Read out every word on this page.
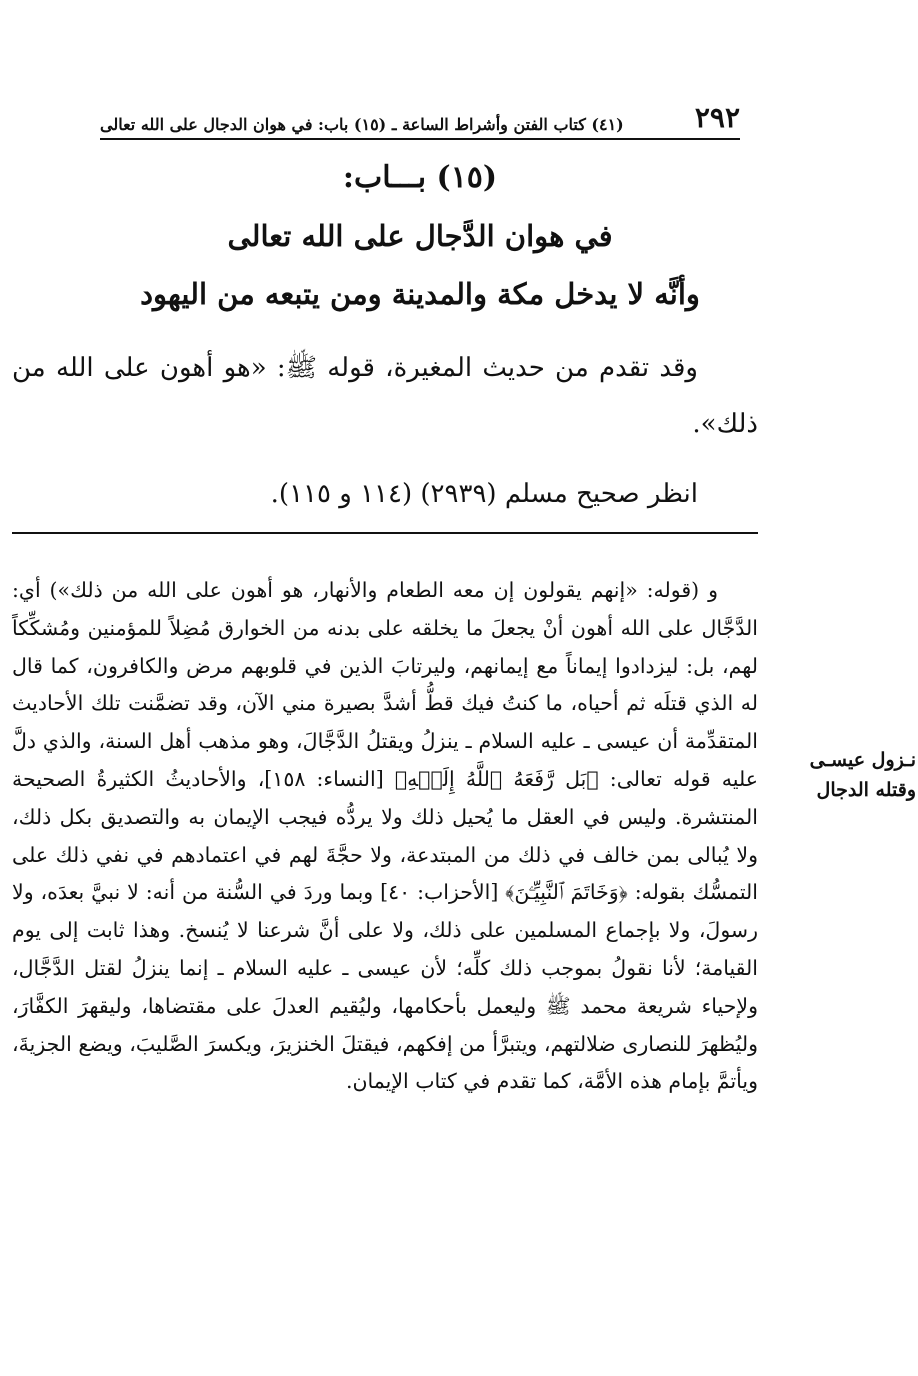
٢٩٢
(٤١) كتاب الفتن وأشراط الساعة ـ (١٥) باب: في هوان الدجال على الله تعالى
(١٥) بـــاب:
في هوان الدَّجال على الله تعالى
وأنَّه لا يدخل مكة والمدينة ومن يتبعه من اليهود

وقد تقدم من حديث المغيرة، قوله ﷺ: «هو أهون على الله من ذلك».

انظر صحيح مسلم (٢٩٣٩) (١١٤ و ١١٥).

و (قوله: «إنهم يقولون إن معه الطعام والأنهار، هو أهون على الله من ذلك») أي: الدَّجَّال على الله أهون أنْ يجعلَ ما يخلقه على بدنه من الخوارق مُضِلاً للمؤمنين ومُشكِّكاً لهم، بل: ليزدادوا إيماناً مع إيمانهم، وليرتابَ الذين في قلوبهم مرض والكافرون، كما قال له الذي قتلَه ثم أحياه، ما كنتُ فيك قطُّ أشدَّ بصيرة مني الآن، وقد تضمَّنت تلك الأحاديث المتقدِّمة أن عيسى ـ عليه السلام ـ ينزلُ ويقتلُ الدَّجَّالَ، وهو مذهب أهل السنة، والذي دلَّ عليه قوله تعالى: ﴿بَل رَّفَعَهُ ٱللَّهُ إِلَيۡهِ﴾ [النساء: ١٥٨]، والأحاديثُ الكثيرةُ الصحيحة المنتشرة. وليس في العقل ما يُحيل ذلك ولا يردُّه فيجب الإيمان به والتصديق بكل ذلك، ولا يُبالى بمن خالف في ذلك من المبتدعة، ولا حجَّةَ لهم في اعتمادهم في نفي ذلك على التمسُّك بقوله: ﴿وَخَاتَمَ ٱلنَّبِيِّـۧنَ﴾ [الأحزاب: ٤٠] وبما وردَ في السُّنة من أنه: لا نبيَّ بعدَه، ولا رسولَ، ولا بإجماع المسلمين على ذلك، ولا على أنَّ شرعنا لا يُنسخ. وهذا ثابت إلى يوم القيامة؛ لأنا نقولُ بموجب ذلك كلِّه؛ لأن عيسى ـ عليه السلام ـ إنما ينزلُ لقتل الدَّجَّال، ولإحياء شريعة محمد ﷺ وليعمل بأحكامها، وليُقيم العدلَ على مقتضاها، وليقهرَ الكفَّارَ، وليُظهرَ للنصارى ضلالتهم، ويتبرَّأ من إفكهم، فيقتلَ الخنزيرَ، ويكسرَ الصَّليبَ، ويضع الجزيةَ، ويأتمَّ بإمام هذه الأمَّة، كما تقدم في كتاب الإيمان.

نـزول عيسـى
وقتله الدجال
